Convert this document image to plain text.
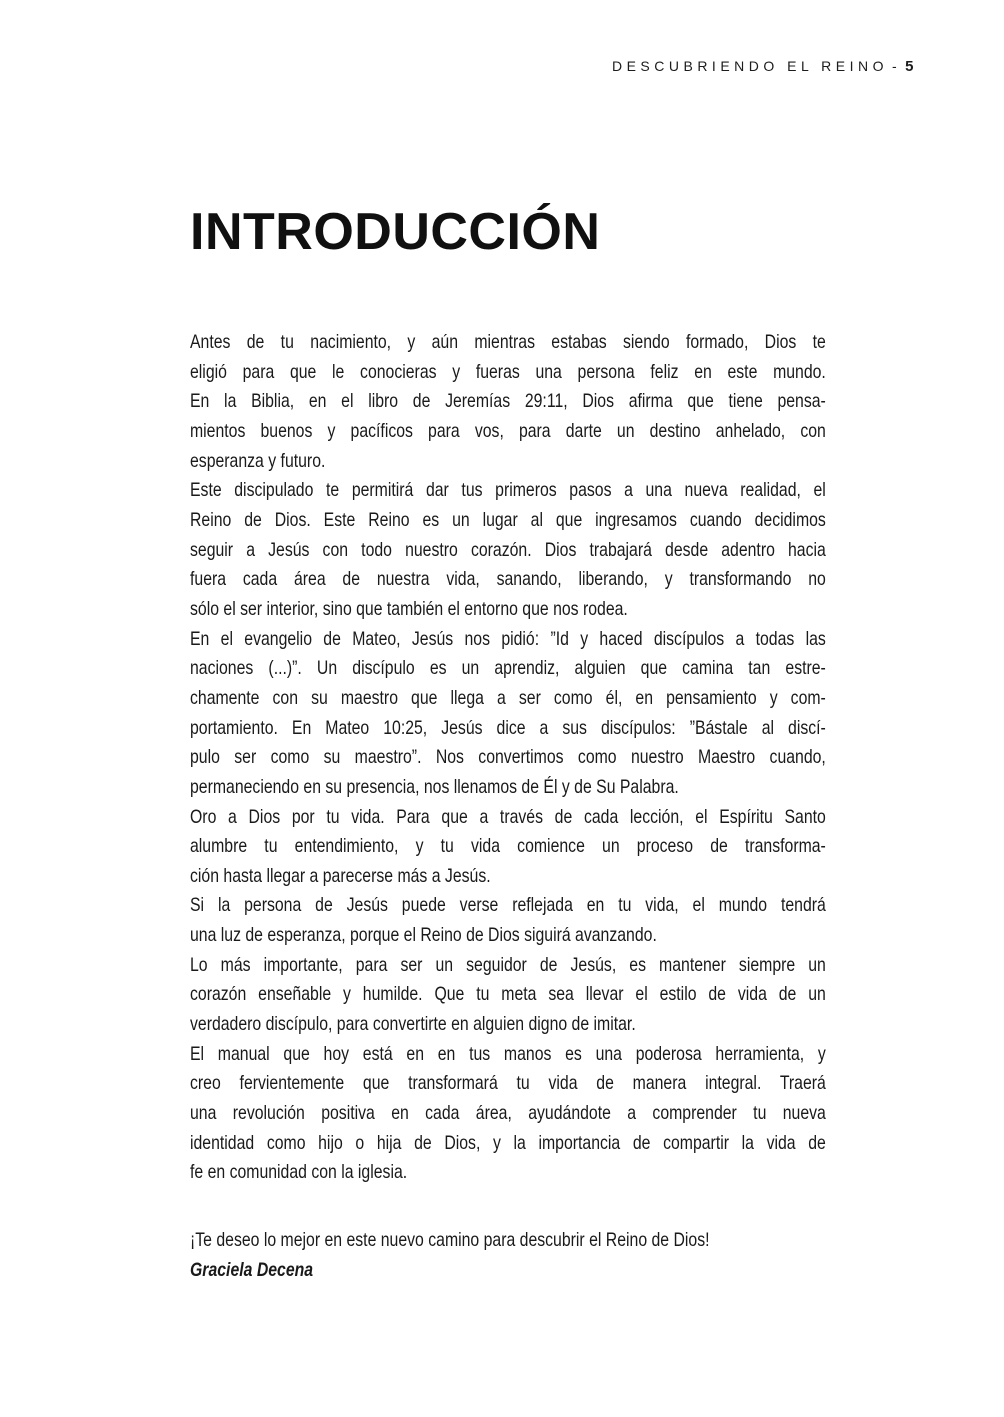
DESCUBRIENDO EL REINO - 5
INTRODUCCIÓN
Antes de tu nacimiento, y aún mientras estabas siendo formado, Dios te
eligió para que le conocieras y fueras una persona feliz en este mundo.
En la Biblia, en el libro de Jeremías 29:11, Dios afirma que tiene pensa-
mientos buenos y pacíficos para vos, para darte un destino anhelado, con
esperanza y futuro.
Este discipulado te permitirá dar tus primeros pasos a una nueva realidad, el
Reino de Dios. Este Reino es un lugar al que ingresamos cuando decidimos
seguir a Jesús con todo nuestro corazón. Dios trabajará desde adentro hacia
fuera cada área de nuestra vida, sanando, liberando, y transformando no
sólo el ser interior, sino que también el entorno que nos rodea.
En el evangelio de Mateo, Jesús nos pidió: ”Id y haced discípulos a todas las
naciones (...)”. Un discípulo es un aprendiz, alguien que camina tan estre-
chamente con su maestro que llega a ser como él, en pensamiento y com-
portamiento. En Mateo 10:25, Jesús dice a sus discípulos: ”Bástale al discí-
pulo ser como su maestro”. Nos convertimos como nuestro Maestro cuando,
permaneciendo en su presencia, nos llenamos de Él y de Su Palabra.
Oro a Dios por tu vida. Para que a través de cada lección, el Espíritu Santo
alumbre tu entendimiento, y tu vida comience un proceso de transforma-
ción hasta llegar a parecerse más a Jesús.
Si la persona de Jesús puede verse reflejada en tu vida, el mundo tendrá
una luz de esperanza, porque el Reino de Dios siguirá avanzando.
Lo más importante, para ser un seguidor de Jesús, es mantener siempre un
corazón enseñable y humilde. Que tu meta sea llevar el estilo de vida de un
verdadero discípulo, para convertirte en alguien digno de imitar.
El manual que hoy está en en tus manos es una poderosa herramienta, y
creo fervientemente que transformará tu vida de manera integral. Traerá
una revolución positiva en cada área, ayudándote a comprender tu nueva
identidad como hijo o hija de Dios, y la importancia de compartir la vida de
fe en comunidad con la iglesia.
¡Te deseo lo mejor en este nuevo camino para descubrir el Reino de Dios!
Graciela Decena
